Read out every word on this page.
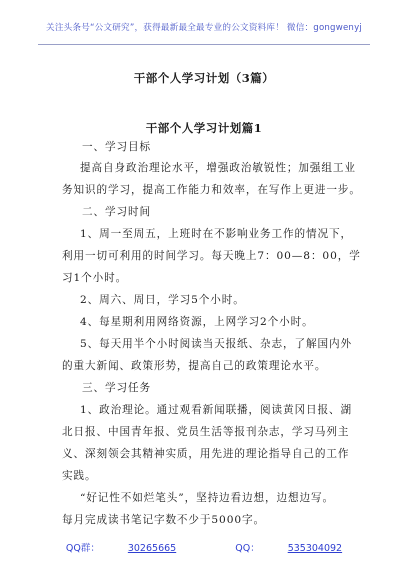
关注头条号“公文研究”，获得最新最全最专业的公文资料库！ 微信：gongwenyj
干部个人学习计划（3篇）
干部个人学习计划篇1
一、学习目标
提高自身政治理论水平，增强政治敏锐性；加强组工业
务知识的学习，提高工作能力和效率，在写作上更进一步。
二、学习时间
1、周一至周五，上班时在不影响业务工作的情况下，
利用一切可利用的时间学习。每天晚上7：00—8：00，学
习1个小时。
2、周六、周日，学习5个小时。
4、每星期利用网络资源，上网学习2个小时。
5、每天用半个小时阅读当天报纸、杂志，了解国内外
的重大新闻、政策形势，提高自己的政策理论水平。
三、学习任务
1、政治理论。通过观看新闻联播，阅读黄冈日报、湖
北日报、中国青年报、党员生活等报刊杂志，学习马列主
义、深刻领会其精神实质，用先进的理论指导自己的工作
实践。
“好记性不如烂笔头”，坚持边看边想，边想边写。
每月完成读书笔记字数不少于5000字。
QQ群：	30265665	QQ：	535304092
